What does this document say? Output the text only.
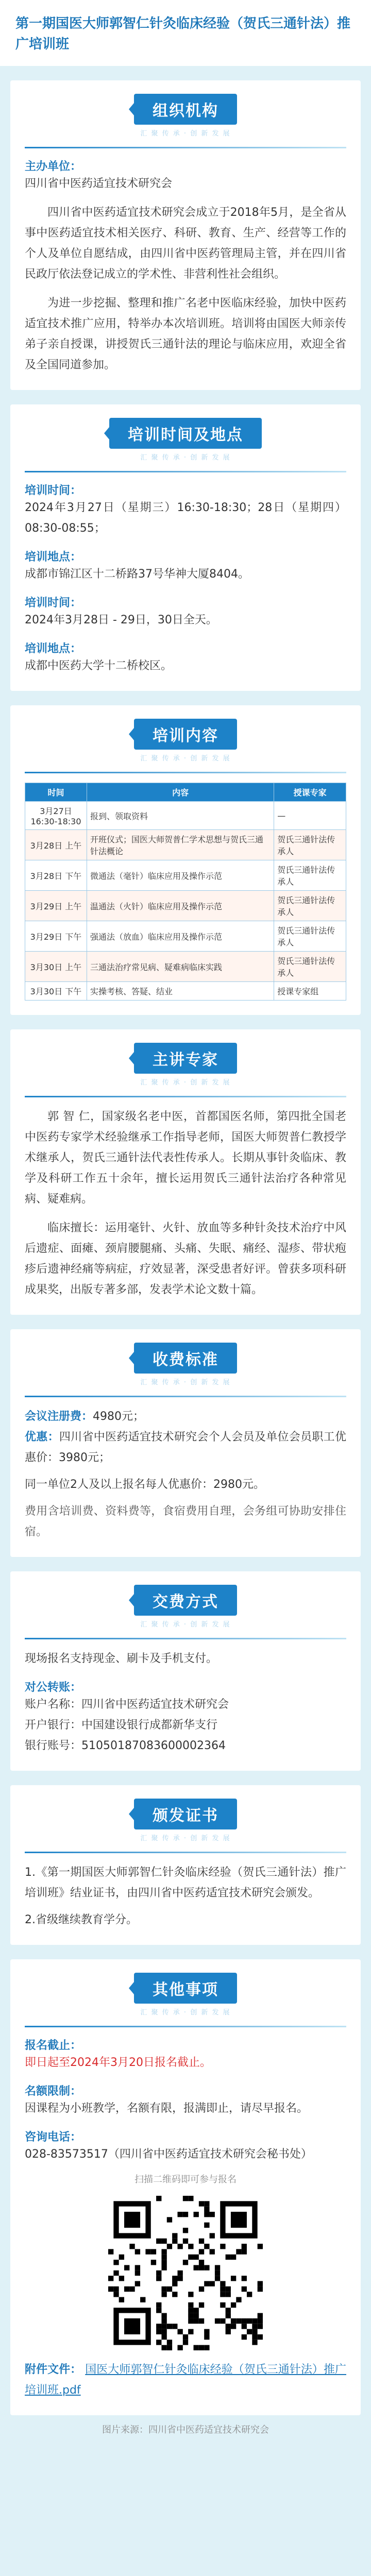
第一期国医大师郭智仁针灸临床经验（贺氏三通针法）推广培训班
组织机构
汇 聚 传 承 · 创 新 发 展
主办单位：
四川省中医药适宜技术研究会

四川省中医药适宜技术研究会成立于2018年5月，是全省从事中医药适宜技术相关医疗、科研、教育、生产、经营等工作的个人及单位自愿结成，由四川省中医药管理局主管，并在四川省民政厅依法登记成立的学术性、非营利性社会组织。

为进一步挖掘、整理和推广名老中医临床经验，加快中医药适宜技术推广应用，特举办本次培训班。培训将由国医大师亲传弟子亲自授课，讲授贺氏三通针法的理论与临床应用，欢迎全省及全国同道参加。

培训时间及地点
汇 聚 传 承 · 创 新 发 展
培训时间：
2024年3月27日（星期三）16:30-18:30；28日（星期四）08:30-08:55；
培训地点：
成都市锦江区十二桥路37号华神大厦8404。
培训时间：
2024年3月28日 - 29日，30日全天。
培训地点：
成都中医药大学十二桥校区。
培训内容
汇 聚 传 承 · 创 新 发 展
时间	内容	授课专家
3月27日 16:30-18:30	报到、领取资料	—
3月28日 上午	开班仪式；国医大师贺普仁学术思想与贺氏三通针法概论	贺氏三通针法传承人
3月28日 下午	微通法（毫针）临床应用及操作示范	贺氏三通针法传承人
3月29日 上午	温通法（火针）临床应用及操作示范	贺氏三通针法传承人
3月29日 下午	强通法（放血）临床应用及操作示范	贺氏三通针法传承人
3月30日 上午	三通法治疗常见病、疑难病临床实践	贺氏三通针法传承人
3月30日 下午	实操考核、答疑、结业	授课专家组
主讲专家
汇 聚 传 承 · 创 新 发 展

郭 智 仁，国家级名老中医，首都国医名师，第四批全国老中医药专家学术经验继承工作指导老师，国医大师贺普仁教授学术继承人，贺氏三通针法代表性传承人。长期从事针灸临床、教学及科研工作五十余年，擅长运用贺氏三通针法治疗各种常见病、疑难病。

临床擅长：运用毫针、火针、放血等多种针灸技术治疗中风后遗症、面瘫、颈肩腰腿痛、头痛、失眠、痛经、湿疹、带状疱疹后遗神经痛等病症，疗效显著，深受患者好评。曾获多项科研成果奖，出版专著多部，发表学术论文数十篇。

收费标准
汇 聚 传 承 · 创 新 发 展
会议注册费：4980元；
优惠：四川省中医药适宜技术研究会个人会员及单位会员职工优惠价：3980元；

同一单位2人及以上报名每人优惠价：2980元。

费用含培训费、资料费等，食宿费用自理，会务组可协助安排住宿。

交费方式
汇 聚 传 承 · 创 新 发 展

现场报名支持现金、刷卡及手机支付。

对公转账：
账户名称：四川省中医药适宜技术研究会
开户银行：中国建设银行成都新华支行
银行账号：51050187083600002364
颁发证书
汇 聚 传 承 · 创 新 发 展

1.《第一期国医大师郭智仁针灸临床经验（贺氏三通针法）推广培训班》结业证书，由四川省中医药适宜技术研究会颁发。

2.省级继续教育学分。

其他事项
汇 聚 传 承 · 创 新 发 展
报名截止：
即日起至2024年3月20日报名截止。
名额限制：
因课程为小班教学，名额有限，报满即止，请尽早报名。
咨询电话：
028-83573517（四川省中医药适宜技术研究会秘书处）
扫描二维码即可参与报名
附件文件： 国医大师郭智仁针灸临床经验（贺氏三通针法）推广培训班.pdf
图片来源：四川省中医药适宜技术研究会
